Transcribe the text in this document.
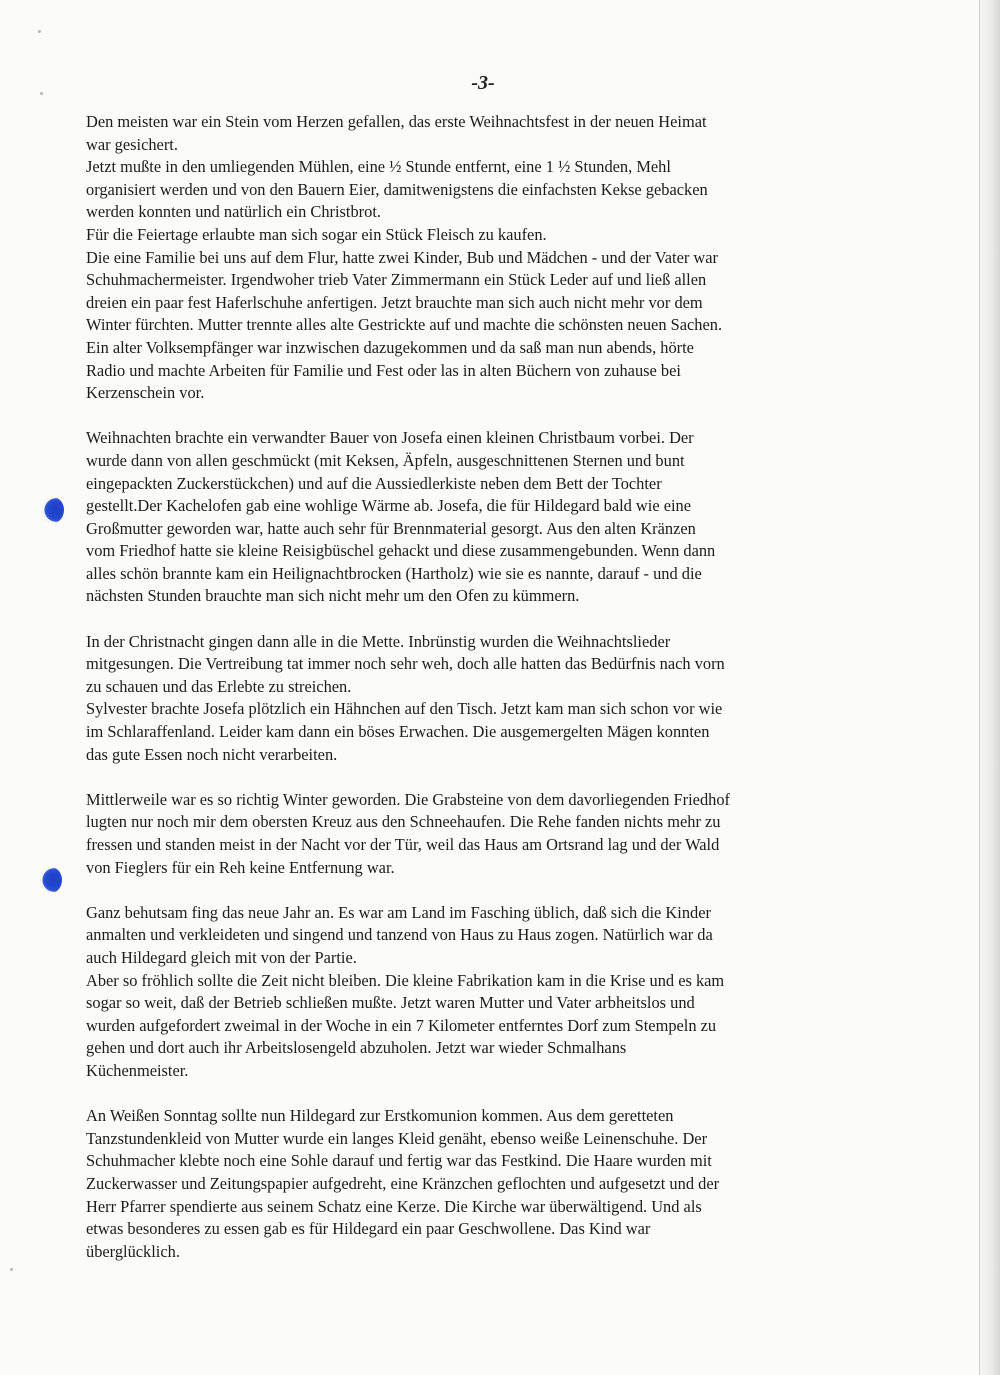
-3-

Den meisten war ein Stein vom Herzen gefallen, das erste Weihnachtsfest in der neuen Heimat
war gesichert.
Jetzt mußte in den umliegenden Mühlen, eine ½ Stunde entfernt, eine 1 ½ Stunden, Mehl
organisiert werden und von den Bauern Eier, damitwenigstens die einfachsten Kekse gebacken
werden konnten und natürlich ein Christbrot.
Für die Feiertage erlaubte man sich sogar ein Stück Fleisch zu kaufen.
Die eine Familie bei uns auf dem Flur, hatte zwei Kinder, Bub und Mädchen - und der Vater war
Schuhmachermeister. Irgendwoher trieb Vater Zimmermann ein Stück Leder auf und ließ allen
dreien ein paar fest Haferlschuhe anfertigen. Jetzt brauchte man sich auch nicht mehr vor dem
Winter fürchten. Mutter trennte alles alte Gestrickte auf und machte die schönsten neuen Sachen.
Ein alter Volksempfänger war inzwischen dazugekommen und da saß man nun abends, hörte
Radio und machte Arbeiten für Familie und Fest oder las in alten Büchern von zuhause bei
Kerzenschein vor.

Weihnachten brachte ein verwandter Bauer von Josefa einen kleinen Christbaum vorbei. Der
wurde dann von allen geschmückt (mit Keksen, Äpfeln, ausgeschnittenen Sternen und bunt
eingepackten Zuckerstückchen) und auf die Aussiedlerkiste neben dem Bett der Tochter
gestellt.Der Kachelofen gab eine wohlige Wärme ab. Josefa, die für Hildegard bald wie eine
Großmutter geworden war, hatte auch sehr für Brennmaterial gesorgt. Aus den alten Kränzen
vom Friedhof hatte sie kleine Reisigbüschel gehackt und diese zusammengebunden. Wenn dann
alles schön brannte kam ein Heilignachtbrocken (Hartholz) wie sie es nannte, darauf - und die
nächsten Stunden brauchte man sich nicht mehr um den Ofen zu kümmern.

In der Christnacht gingen dann alle in die Mette. Inbrünstig wurden die Weihnachtslieder
mitgesungen. Die Vertreibung tat immer noch sehr weh, doch alle hatten das Bedürfnis nach vorn
zu schauen und das Erlebte zu streichen.
Sylvester brachte Josefa plötzlich ein Hähnchen auf den Tisch. Jetzt kam man sich schon vor wie
im Schlaraffenland. Leider kam dann ein böses Erwachen. Die ausgemergelten Mägen konnten
das gute Essen noch nicht verarbeiten.

Mittlerweile war es so richtig Winter geworden. Die Grabsteine von dem davorliegenden Friedhof
lugten nur noch mir dem obersten Kreuz aus den Schneehaufen. Die Rehe fanden nichts mehr zu
fressen und standen meist in der Nacht vor der Tür, weil das Haus am Ortsrand lag und der Wald
von Fieglers für ein Reh keine Entfernung war.

Ganz behutsam fing das neue Jahr an. Es war am Land im Fasching üblich, daß sich die Kinder
anmalten und verkleideten und singend und tanzend von Haus zu Haus zogen. Natürlich war da
auch Hildegard gleich mit von der Partie.
Aber so fröhlich sollte die Zeit nicht bleiben. Die kleine Fabrikation kam in die Krise und es kam
sogar so weit, daß der Betrieb schließen mußte. Jetzt waren Mutter und Vater arbheitslos und
wurden aufgefordert zweimal in der Woche in ein 7 Kilometer entferntes Dorf zum Stempeln zu
gehen und dort auch ihr Arbeitslosengeld abzuholen. Jetzt war wieder Schmalhans
Küchenmeister.

An Weißen Sonntag sollte nun Hildegard zur Erstkomunion kommen. Aus dem geretteten
Tanzstundenkleid von Mutter wurde ein langes Kleid genäht, ebenso weiße Leinenschuhe. Der
Schuhmacher klebte noch eine Sohle darauf und fertig war das Festkind. Die Haare wurden mit
Zuckerwasser und Zeitungspapier aufgedreht, eine Kränzchen geflochten und aufgesetzt und der
Herr Pfarrer spendierte aus seinem Schatz eine Kerze. Die Kirche war überwältigend. Und als
etwas besonderes zu essen gab es für Hildegard ein paar Geschwollene. Das Kind war
überglücklich.
